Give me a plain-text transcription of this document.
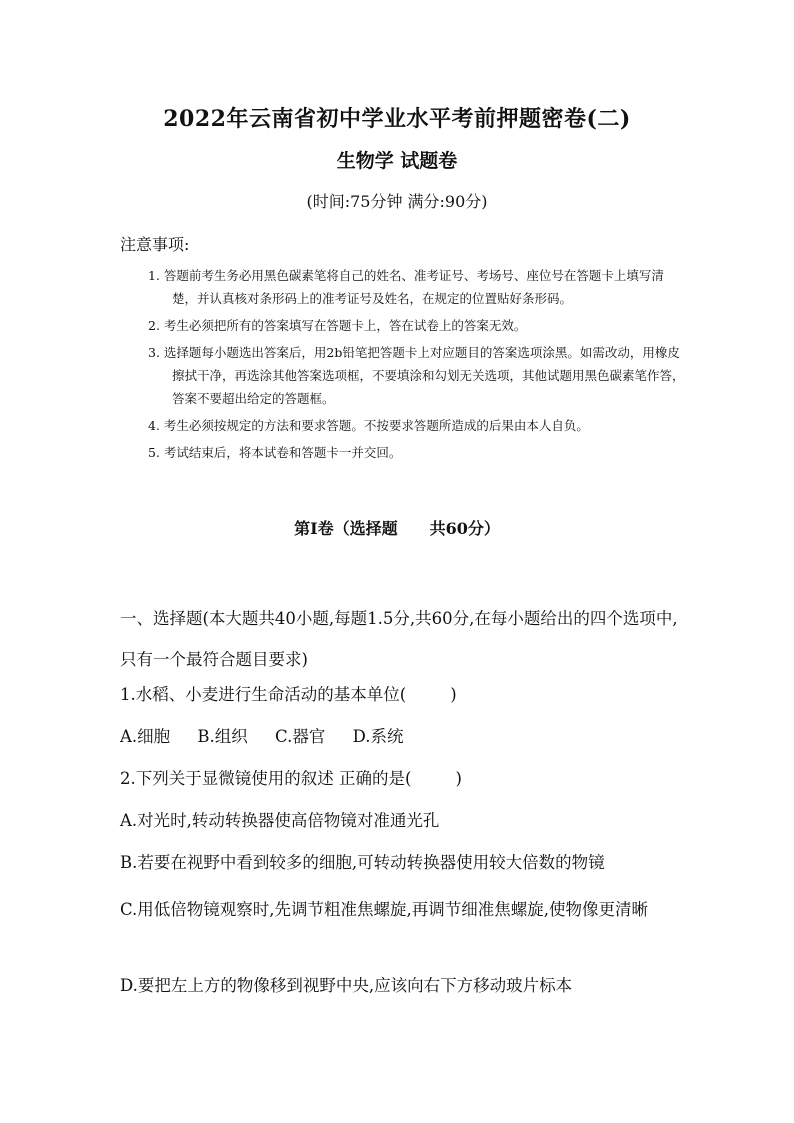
2022年云南省初中学业水平考前押题密卷(二)
生物学 试题卷
(时间:75分钟 满分:90分)
注意事项:

1. 答题前考生务必用黑色碳素笔将自己的姓名、准考证号、考场号、座位号在答题卡上填写清楚，并认真核对条形码上的准考证号及姓名，在规定的位置贴好条形码。

2. 考生必须把所有的答案填写在答题卡上，答在试卷上的答案无效。

3. 选择题每小题选出答案后，用2b铅笔把答题卡上对应题目的答案选项涂黑。如需改动，用橡皮擦拭干净，再选涂其他答案选项框，不要填涂和勾划无关选项，其他试题用黑色碳素笔作答，答案不要超出给定的答题框。

4. 考生必须按规定的方法和要求答题。不按要求答题所造成的后果由本人自负。

5. 考试结束后，将本试卷和答题卡一并交回。

第Ⅰ卷（选择题 共60分）
一、选择题(本大题共40小题,每题1.5分,共60分,在每小题给出的四个选项中,只有一个最符合题目要求)
1.水稻、小麦进行生命活动的基本单位(	)
A.细胞 B.组织 C.器官 D.系统
2.下列关于显微镜使用的叙述 正确的是(	)
A.对光时,转动转换器使高倍物镜对准通光孔
B.若要在视野中看到较多的细胞,可转动转换器使用较大倍数的物镜
C.用低倍物镜观察时,先调节粗准焦螺旋,再调节细准焦螺旋,使物像更清晰
D.要把左上方的物像移到视野中央,应该向右下方移动玻片标本
